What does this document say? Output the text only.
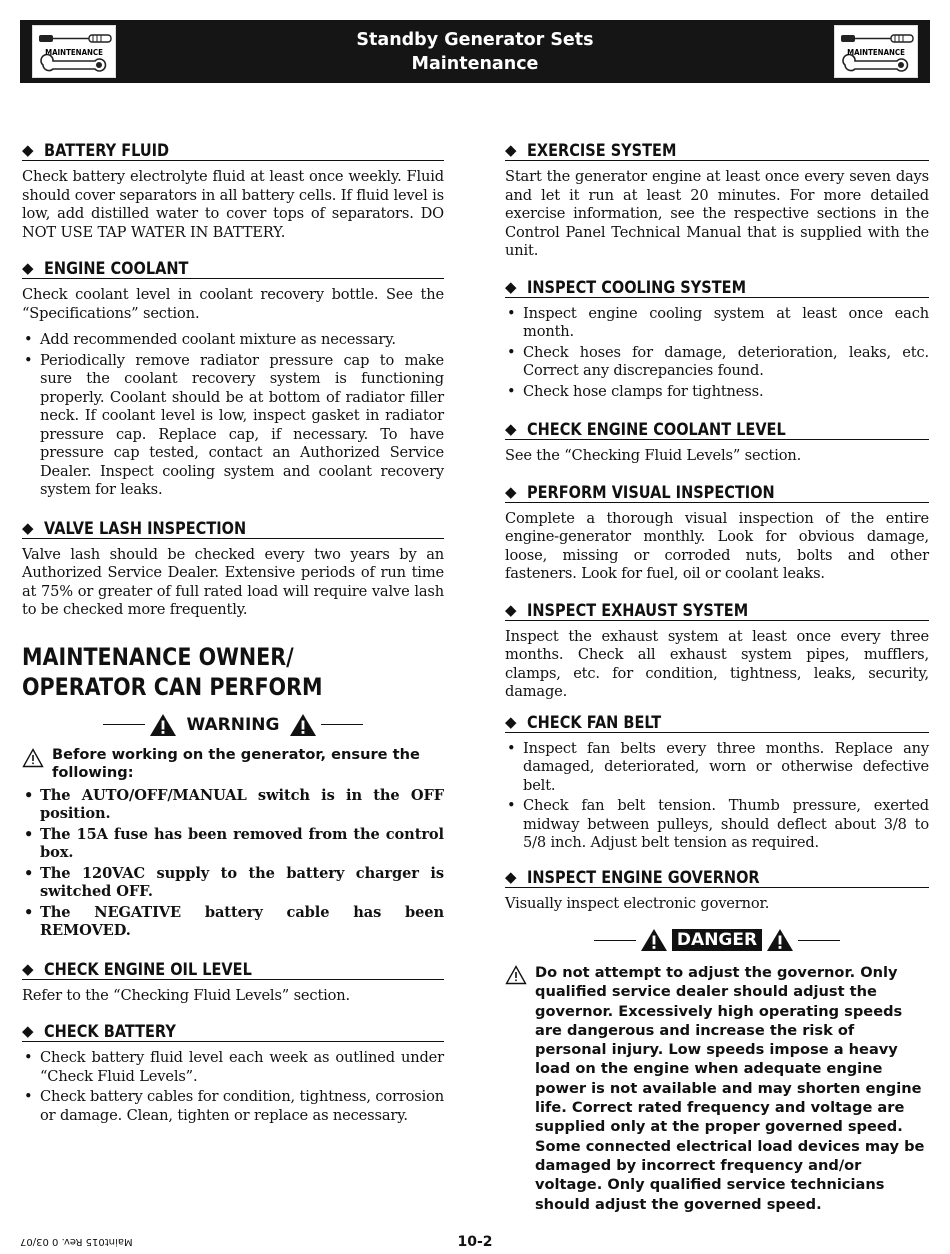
MAINTENANCE
Standby Generator Sets
Maintenance
MAINTENANCE
◆ BATTERY FLUID

Check battery electrolyte fluid at least once weekly. Fluid should cover separators in all battery cells. If fluid level is low, add distilled water to cover tops of separators. DO NOT USE TAP WATER IN BATTERY.

◆ ENGINE COOLANT

Check coolant level in coolant recovery bottle. See the “Specifications” section.

• Add recommended coolant mixture as necessary.
• Periodically remove radiator pressure cap to make sure the coolant recovery system is functioning properly. Coolant should be at bottom of radiator filler neck. If coolant level is low, inspect gasket in radiator pressure cap. Replace cap, if necessary. To have pressure cap tested, contact an Authorized Service Dealer. Inspect cooling system and coolant recovery system for leaks.
◆ VALVE LASH INSPECTION

Valve lash should be checked every two years by an Authorized Service Dealer. Extensive periods of run time at 75% or greater of full rated load will require valve lash to be checked more frequently.

MAINTENANCE OWNER/
OPERATOR CAN PERFORM
WARNING
Before working on the generator, ensure the following:
• The AUTO/OFF/MANUAL switch is in the OFF position.
• The 15A fuse has been removed from the control box.
• The 120VAC supply to the battery charger is switched OFF.
• The NEGATIVE battery cable has been REMOVED.
◆ CHECK ENGINE OIL LEVEL

Refer to the “Checking Fluid Levels” section.

◆ CHECK BATTERY
• Check battery fluid level each week as outlined under “Check Fluid Levels”.
• Check battery cables for condition, tightness, corrosion or damage. Clean, tighten or replace as necessary.
◆ EXERCISE SYSTEM

Start the generator engine at least once every seven days and let it run at least 20 minutes. For more detailed exercise information, see the respective sections in the Control Panel Technical Manual that is supplied with the unit.

◆ INSPECT COOLING SYSTEM
• Inspect engine cooling system at least once each month.
• Check hoses for damage, deterioration, leaks, etc. Correct any discrepancies found.
• Check hose clamps for tightness.
◆ CHECK ENGINE COOLANT LEVEL

See the “Checking Fluid Levels” section.

◆ PERFORM VISUAL INSPECTION

Complete a thorough visual inspection of the entire engine-generator monthly. Look for obvious damage, loose, missing or corroded nuts, bolts and other fasteners. Look for fuel, oil or coolant leaks.

◆ INSPECT EXHAUST SYSTEM

Inspect the exhaust system at least once every three months. Check all exhaust system pipes, mufflers, clamps, etc. for condition, tightness, leaks, security, damage.

◆ CHECK FAN BELT
• Inspect fan belts every three months. Replace any damaged, deteriorated, worn or otherwise defective belt.
• Check fan belt tension. Thumb pressure, exerted midway between pulleys, should deflect about 3/8 to 5/8 inch. Adjust belt tension as required.
◆ INSPECT ENGINE GOVERNOR

Visually inspect electronic governor.

DANGER
Do not attempt to adjust the governor. Only qualified service dealer should adjust the governor. Excessively high operating speeds are dangerous and increase the risk of personal injury. Low speeds impose a heavy load on the engine when adequate engine power is not available and may shorten engine life. Correct rated frequency and voltage are supplied only at the proper governed speed. Some connected electrical load devices may be damaged by incorrect frequency and/or voltage. Only qualified service technicians should adjust the governed speed.
Maint015 Rev. 0 03/07	10-2
